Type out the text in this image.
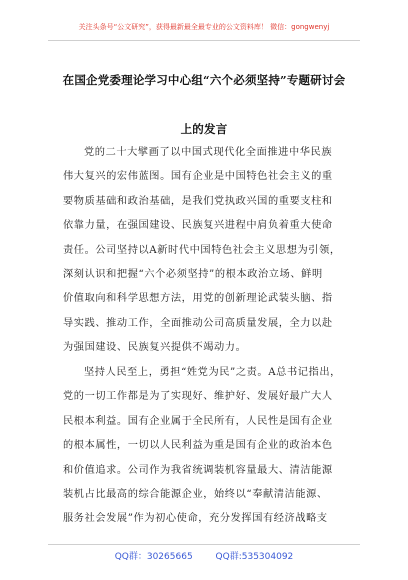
关注头条号“公文研究”，获得最新最全最专业的公文资料库！ 微信：gongwenyj
在国企党委理论学习中心组“六个必须坚持”专题研讨会
上的发言
党的二十大擘画了以中国式现代化全面推进中华民族
伟大复兴的宏伟蓝图。国有企业是中国特色社会主义的重
要物质基础和政治基础，是我们党执政兴国的重要支柱和
依靠力量，在强国建设、民族复兴进程中肩负着重大使命
责任。公司坚持以A新时代中国特色社会主义思想为引领，
深刻认识和把握“六个必须坚持”的根本政治立场、鲜明
价值取向和科学思想方法，用党的创新理论武装头脑、指
导实践、推动工作，全面推动公司高质量发展，全力以赴
为强国建设、民族复兴提供不竭动力。
坚持人民至上，勇担“姓党为民”之责。A总书记指出，
党的一切工作都是为了实现好、维护好、发展好最广大人
民根本利益。国有企业属于全民所有，人民性是国有企业
的根本属性，一切以人民利益为重是国有企业的政治本色
和价值追求。公司作为我省统调装机容量最大、清洁能源
装机占比最高的综合能源企业，始终以“奉献清洁能源、
服务社会发展”作为初心使命，充分发挥国有经济战略支
QQ群：30265665	QQ群:535304092
